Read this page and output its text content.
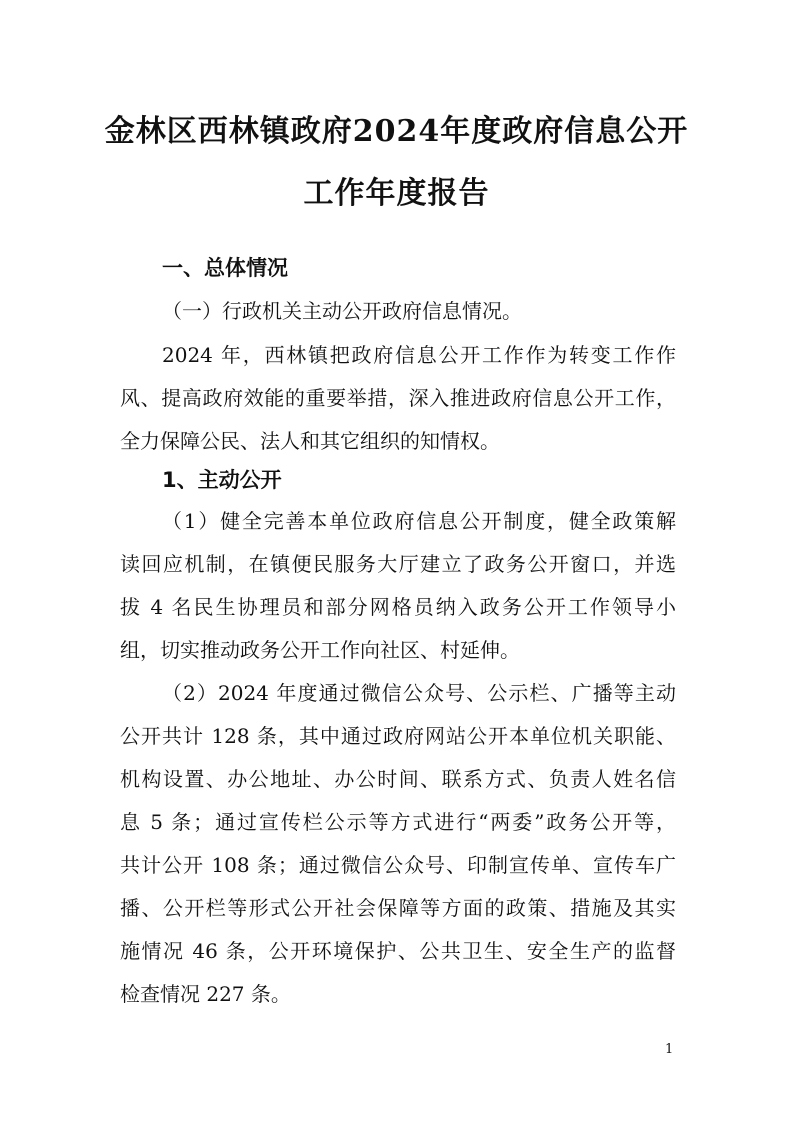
金林区西林镇政府2024年度政府信息公开
工作年度报告
一、总体情况
（一）行政机关主动公开政府信息情况。
2024 年，西林镇把政府信息公开工作作为转变工作作
风、提高政府效能的重要举措，深入推进政府信息公开工作，
全力保障公民、法人和其它组织的知情权。
1、主动公开
（1）健全完善本单位政府信息公开制度，健全政策解
读回应机制，在镇便民服务大厅建立了政务公开窗口，并选
拔 4 名民生协理员和部分网格员纳入政务公开工作领导小
组，切实推动政务公开工作向社区、村延伸。
（2）2024 年度通过微信公众号、公示栏、广播等主动
公开共计 128 条，其中通过政府网站公开本单位机关职能、
机构设置、办公地址、办公时间、联系方式、负责人姓名信
息 5 条；通过宣传栏公示等方式进行“两委”政务公开等，
共计公开 108 条；通过微信公众号、印制宣传单、宣传车广
播、公开栏等形式公开社会保障等方面的政策、措施及其实
施情况 46 条，公开环境保护、公共卫生、安全生产的监督
检查情况 227 条。
1
